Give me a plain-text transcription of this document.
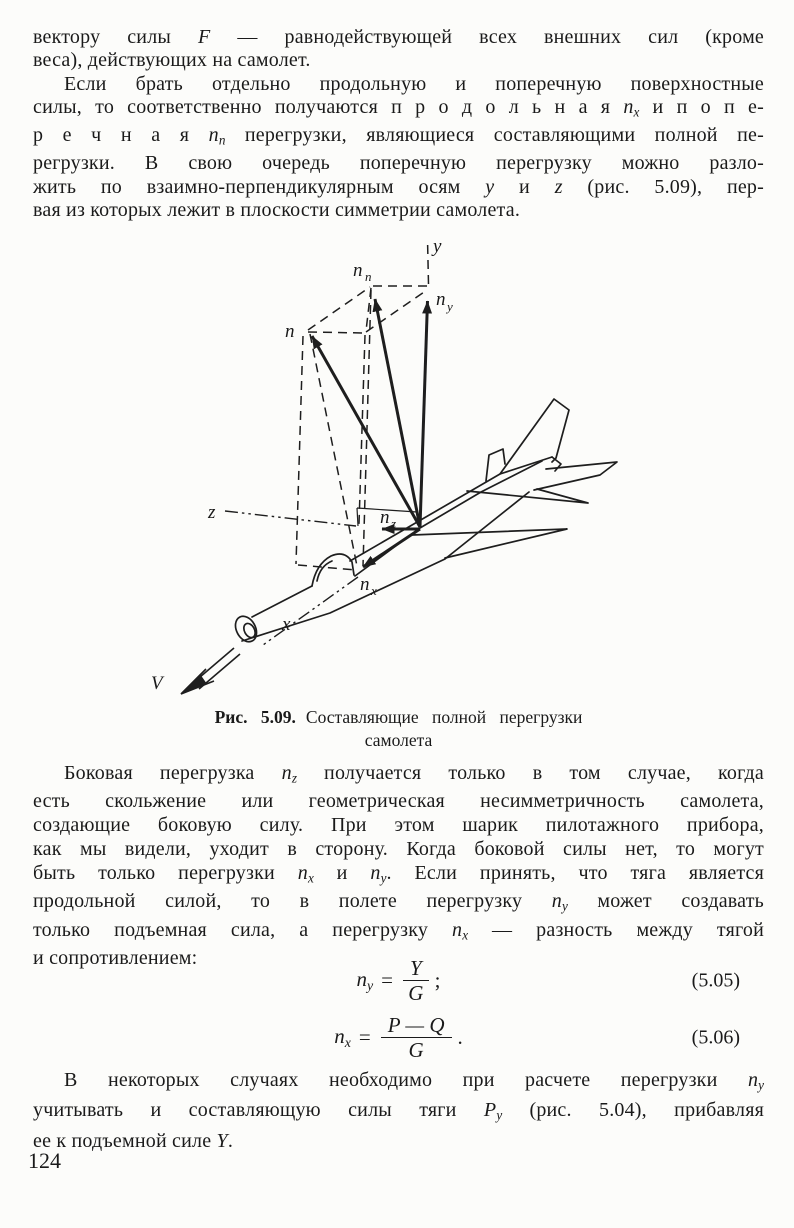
вектору силы F — равнодействующей всех внешних сил (кроме
веса), действующих на самолет.
Если брать отдельно продольную и поперечную поверхностные
силы, то соответственно получаются п р о д о л ь н а я $n_x$ и п о п е-
р е ч н а я $n_п$ перегрузки, являющиеся составляющими полной пе-
регрузки. В свою очередь поперечную перегрузку можно разло-
жить по взаимно-перпендикулярным осям y и z (рис. 5.09), пер-
вая из которых лежит в плоскости симметрии самолета.
y
n
n п
n y
n z
n x
z
x
V
Рис. 5.09. Составляющие полной перегрузки
самолета
Боковая перегрузка $n_z$ получается только в том случае, когда
есть скольжение или геометрическая несимметричность самолета,
создающие боковую силу. При этом шарик пилотажного прибора,
как мы видели, уходит в сторону. Когда боковой силы нет, то могут
быть только перегрузки $n_x$ и $n_y$. Если принять, что тяга является
продольной силой, то в полете перегрузку $n_y$ может создавать
только подъемная сила, а перегрузку $n_x$ — разность между тягой
и сопротивлением:
$n_y = \frac{Y}{G}$ ;	(5.05)
$n_x = \frac{P — Q}{G}$ .	(5.06)
В некоторых случаях необходимо при расчете перегрузки $n_y$
учитывать и составляющую силы тяги $P_y$ (рис. 5.04), прибавляя
ее к подъемной силе Y.
124
